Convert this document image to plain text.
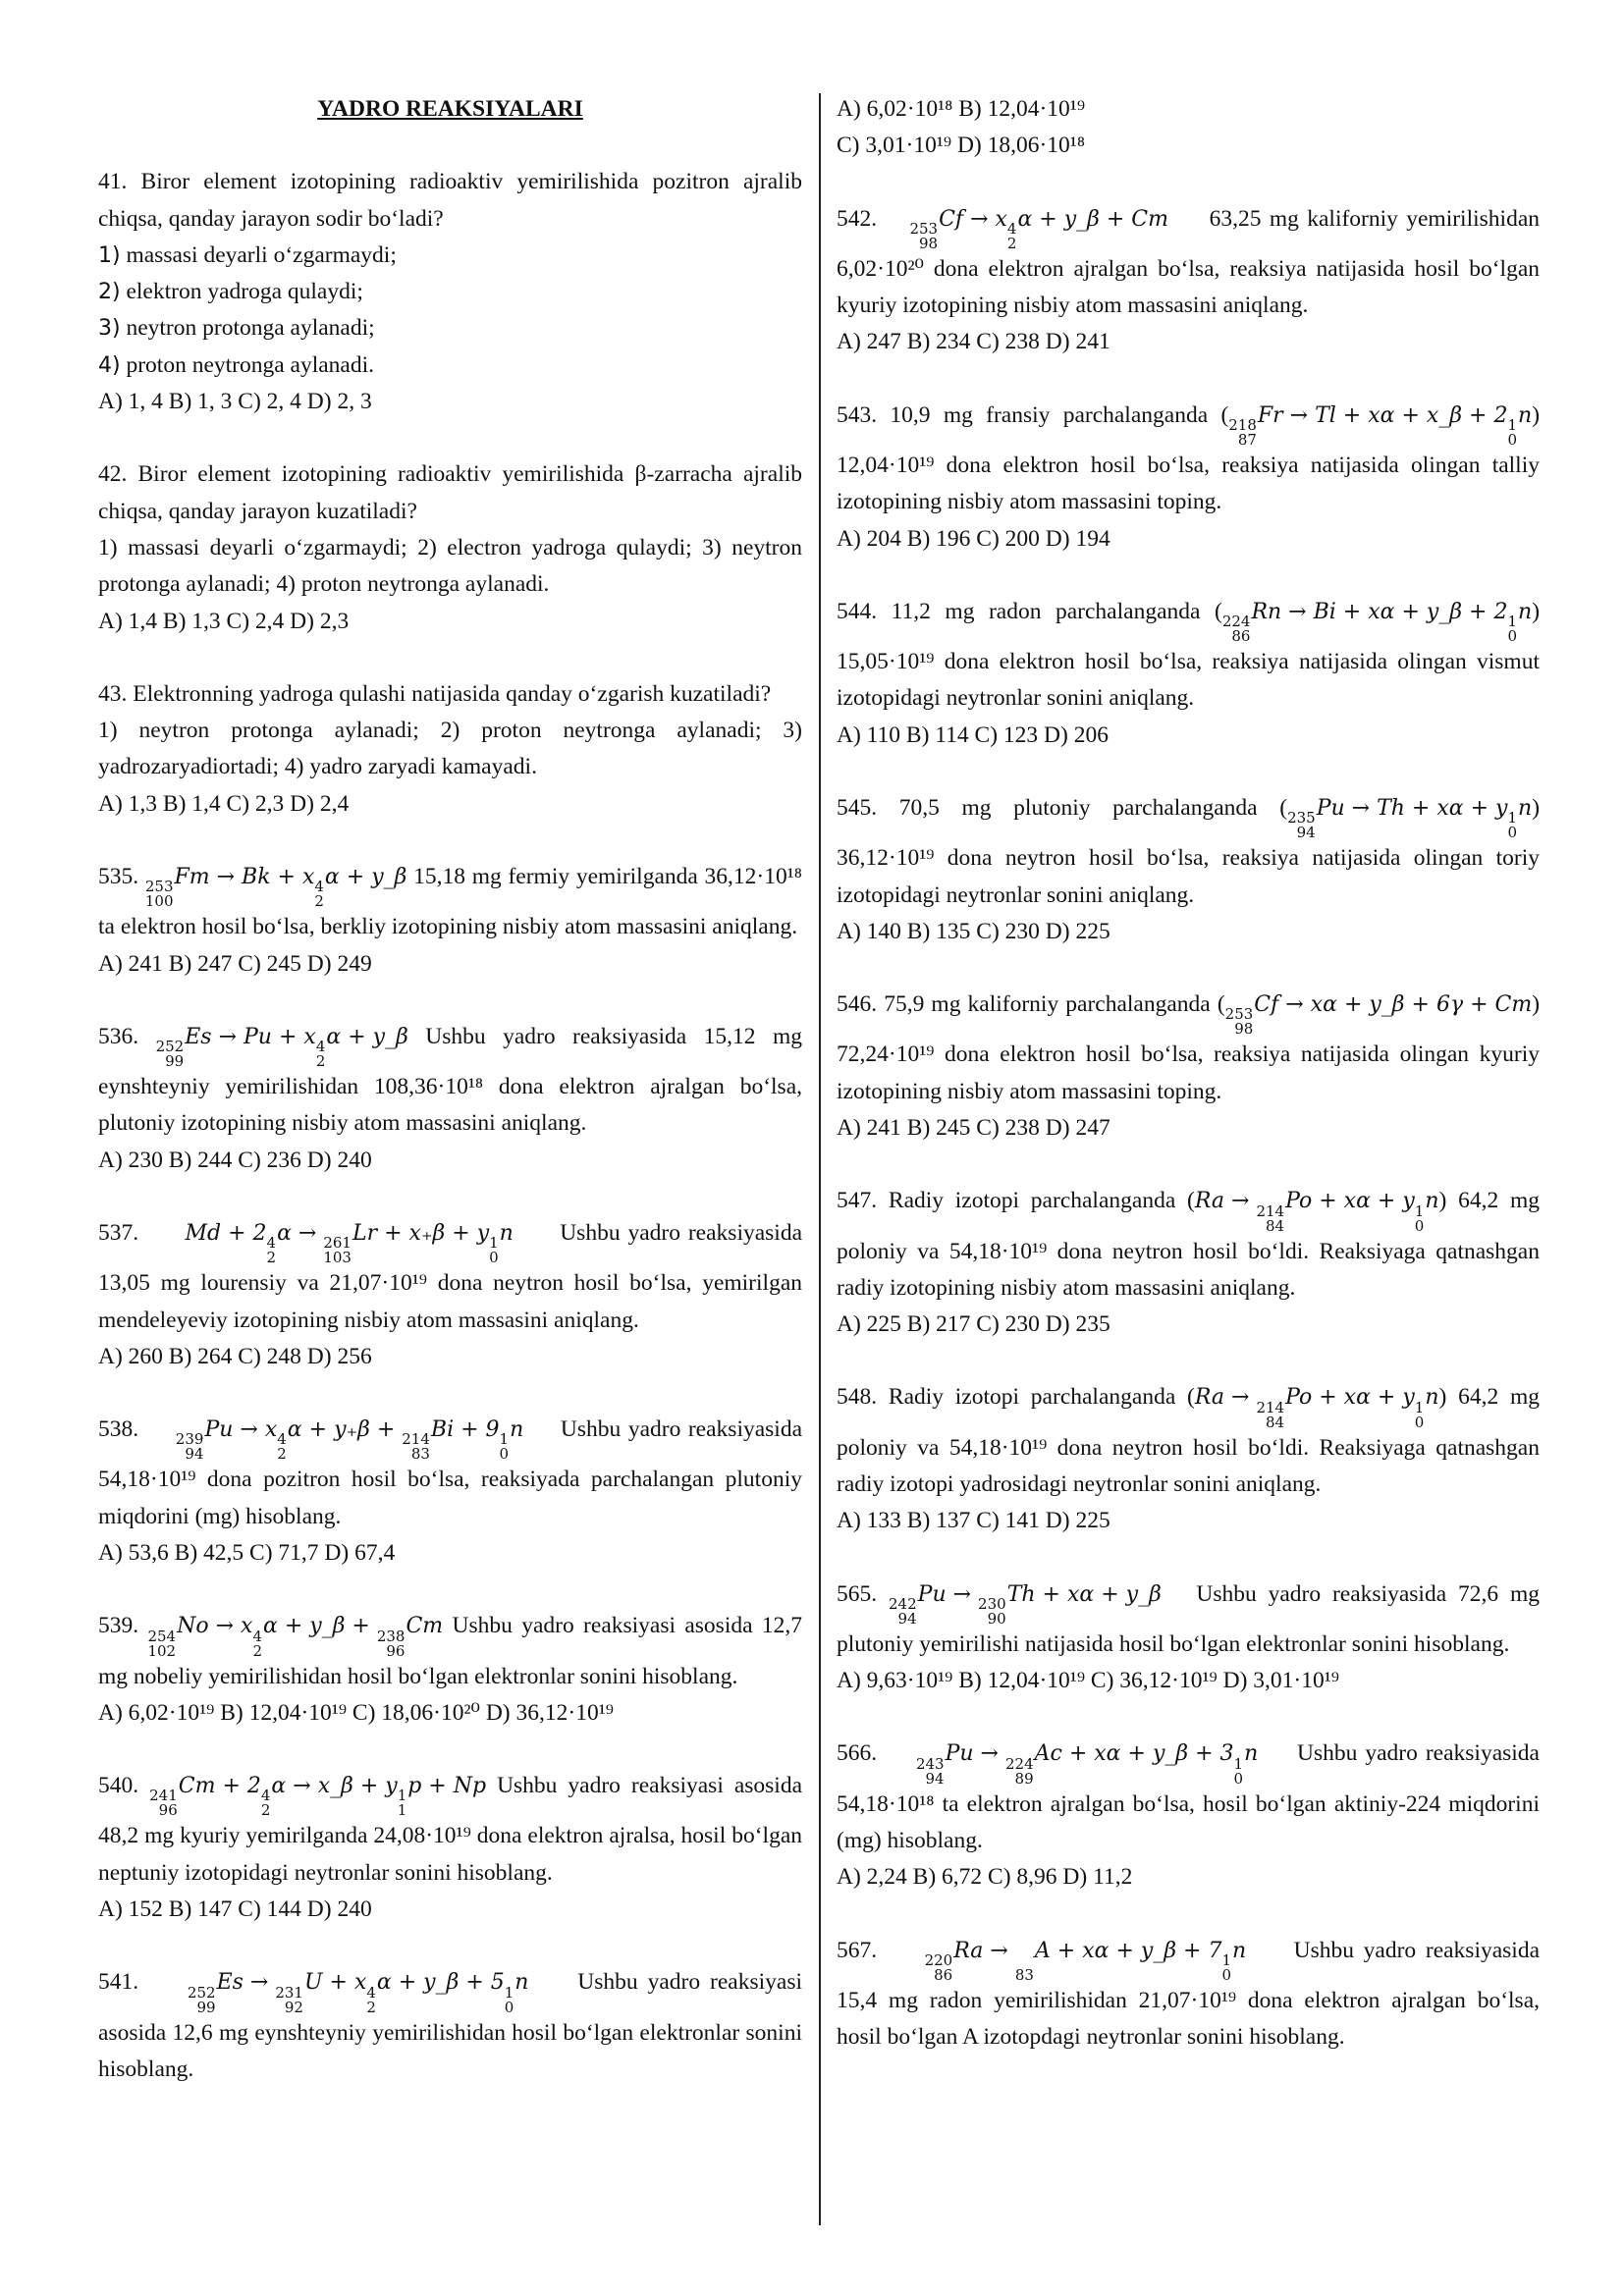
YADRO REAKSIYALARI
41. Biror element izotopining radioaktiv yemirilishida pozitron ajralib chiqsa, qanday jarayon sodir bo‘ladi?
1) massasi deyarli o‘zgarmaydi;
2) elektron yadroga qulaydi;
3) neytron protonga aylanadi;
4) proton neytronga aylanadi.
A) 1, 4 B) 1, 3 C) 2, 4 D) 2, 3
42. Biror element izotopining radioaktiv yemirilishida β-zarracha ajralib chiqsa, qanday jarayon kuzatiladi?
1) massasi deyarli o‘zgarmaydi; 2) electron yadroga qulaydi; 3) neytron protonga aylanadi; 4) proton neytronga aylanadi.
A) 1,4 B) 1,3 C) 2,4 D) 2,3
43. Elektronning yadroga qulashi natijasida qanday o‘zgarish kuzatiladi?
1) neytron protonga aylanadi; 2) proton neytronga aylanadi; 3) yadrozaryadiortadi; 4) yadro zaryadi kamayadi.
A) 1,3 B) 1,4 C) 2,3 D) 2,4
535. 253
100
Fm → Bk + x 4
2
α + y_β 15,18 mg fermiy yemirilganda 36,12·10¹⁸ ta elektron hosil bo‘lsa, berkliy izotopining nisbiy atom massasini aniqlang.
A) 241 B) 247 C) 245 D) 249
536. 252
99
Es → Pu + x 4
2
α + y_β Ushbu yadro reaksiyasida 15,12 mg eynshteyniy yemirilishidan 108,36·10¹⁸ dona elektron ajralgan bo‘lsa, plutoniy izotopining nisbiy atom massasini aniqlang.
A) 230 B) 244 C) 236 D) 240
537. Md + 2 4
2
α → 261
103
Lr + x₊β + y 1
0
n Ushbu yadro reaksiyasida 13,05 mg lourensiy va 21,07·10¹⁹ dona neytron hosil bo‘lsa, yemirilgan mendeleyeviy izotopining nisbiy atom massasini aniqlang.
A) 260 B) 264 C) 248 D) 256
538.	239
94
Pu → x 4
2
α + y₊β + 214
83
Bi + 9 1
0
n Ushbu yadro reaksiyasida 54,18·10¹⁹ dona pozitron hosil bo‘lsa, reaksiyada parchalangan plutoniy miqdorini (mg) hisoblang.
A) 53,6 B) 42,5 C) 71,7 D) 67,4
539. 254
102
No → x 4
2
α + y_β + 238
96
Cm Ushbu yadro reaksiyasi asosida 12,7 mg nobeliy yemirilishidan hosil bo‘lgan elektronlar sonini hisoblang.
A) 6,02·10¹⁹ B) 12,04·10¹⁹ C) 18,06·10²⁰ D) 36,12·10¹⁹
540. 241
96
Cm + 2 4
2
α → x_β + y 1
1
p + Np Ushbu yadro reaksiyasi asosida 48,2 mg kyuriy yemirilganda 24,08·10¹⁹ dona elektron ajralsa, hosil bo‘lgan neptuniy izotopidagi neytronlar sonini hisoblang.
A) 152 B) 147 C) 144 D) 240
541.	252
99
Es → 231
92
U + x 4
2
α + y_β + 5 1
0
n Ushbu yadro reaksiyasi asosida 12,6 mg eynshteyniy yemirilishidan hosil bo‘lgan elektronlar sonini hisoblang.
A) 6,02·10¹⁸ B) 12,04·10¹⁹
C) 3,01·10¹⁹ D) 18,06·10¹⁸
542. 253
98
Cf → x 4
2
α + y_β + Cm 63,25 mg kaliforniy yemirilishidan 6,02·10²⁰ dona elektron ajralgan bo‘lsa, reaksiya natijasida hosil bo‘lgan kyuriy izotopining nisbiy atom massasini aniqlang.
A) 247 B) 234 C) 238 D) 241
543. 10,9 mg fransiy parchalanganda ( 218
87
Fr → Tl + xα + x_β + 2 1
0
n) 12,04·10¹⁹ dona elektron hosil bo‘lsa, reaksiya natijasida olingan talliy izotopining nisbiy atom massasini toping.
A) 204 B) 196 C) 200 D) 194
544. 11,2 mg radon parchalanganda ( 224
86
Rn → Bi + xα + y_β + 2 1
0
n) 15,05·10¹⁹ dona elektron hosil bo‘lsa, reaksiya natijasida olingan vismut izotopidagi neytronlar sonini aniqlang.
A) 110 B) 114 C) 123 D) 206
545. 70,5 mg plutoniy parchalanganda ( 235
94
Pu → Th + xα + y 1
0
n) 36,12·10¹⁹ dona neytron hosil bo‘lsa, reaksiya natijasida olingan toriy izotopidagi neytronlar sonini aniqlang.
A) 140 B) 135 C) 230 D) 225
546. 75,9 mg kaliforniy parchalanganda ( 253
98
Cf → xα + y_β + 6γ + Cm) 72,24·10¹⁹ dona elektron hosil bo‘lsa, reaksiya natijasida olingan kyuriy izotopining nisbiy atom massasini toping.
A) 241 B) 245 C) 238 D) 247
547. Radiy izotopi parchalanganda (Ra → 214
84
Po + xα + y 1
0
n) 64,2 mg poloniy va 54,18·10¹⁹ dona neytron hosil bo‘ldi. Reaksiyaga qatnashgan radiy izotopining nisbiy atom massasini aniqlang.
A) 225 B) 217 C) 230 D) 235
548. Radiy izotopi parchalanganda (Ra → 214
84
Po + xα + y 1
0
n) 64,2 mg poloniy va 54,18·10¹⁹ dona neytron hosil bo‘ldi. Reaksiyaga qatnashgan radiy izotopi yadrosidagi neytronlar sonini aniqlang.
A) 133 B) 137 C) 141 D) 225
565. 242
94
Pu → 230
90
Th + xα + y_β Ushbu yadro reaksiyasida 72,6 mg plutoniy yemirilishi natijasida hosil bo‘lgan elektronlar sonini hisoblang.
A) 9,63·10¹⁹ B) 12,04·10¹⁹ C) 36,12·10¹⁹ D) 3,01·10¹⁹
566.	243
94
Pu → 224
89
Ac + xα + y_β + 3 1
0
n Ushbu yadro reaksiyasida 54,18·10¹⁸ ta elektron ajralgan bo‘lsa, hosil bo‘lgan aktiniy-224 miqdorini (mg) hisoblang.
A) 2,24 B) 6,72 C) 8,96 D) 11,2
567.	220
86
Ra →

83
A + xα + y_β + 7 1
0
n Ushbu yadro reaksiyasida 15,4 mg radon yemirilishidan 21,07·10¹⁹ dona elektron ajralgan bo‘lsa, hosil bo‘lgan A izotopdagi neytronlar sonini hisoblang.
